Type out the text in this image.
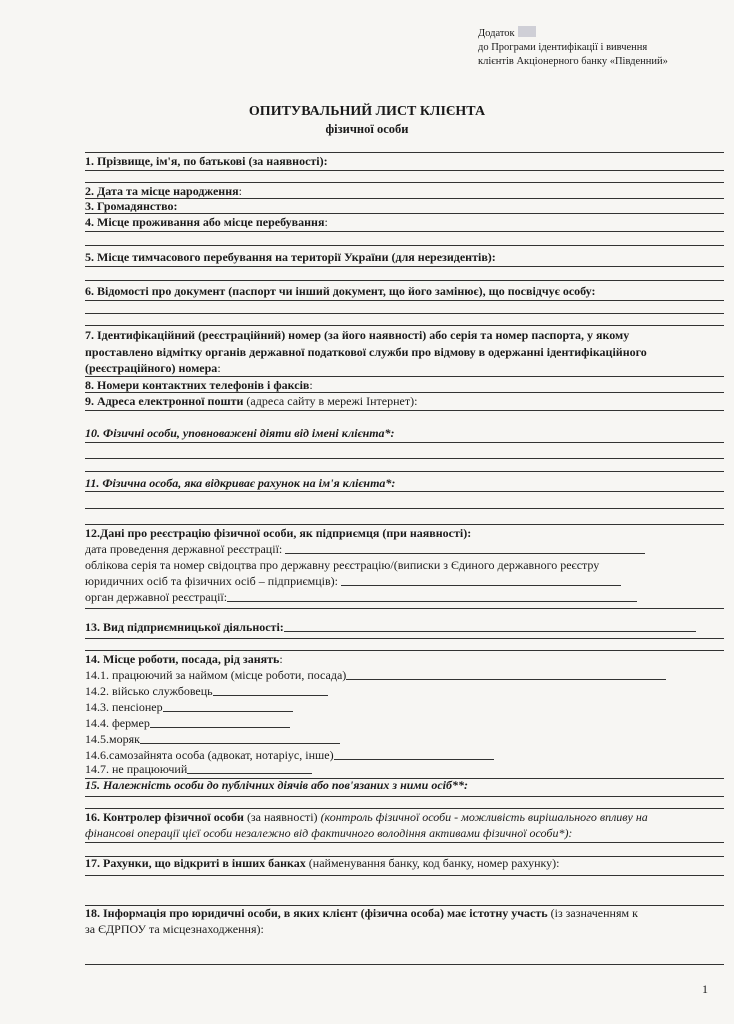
Додаток
до Програми ідентифікації і вивчення
клієнтів Акціонерного банку «Південний»
ОПИТУВАЛЬНИЙ ЛИСТ КЛІЄНТА
фізичної особи
1. Прізвище, ім'я, по батькові (за наявності):
2. Дата та місце народження:
3. Громадянство:
4. Місце проживання або місце перебування:
5. Місце тимчасового перебування на території України (для нерезидентів):
6. Відомості про документ (паспорт чи інший документ, що його замінює), що посвідчує особу:
7. Ідентифікаційний (реєстраційний) номер (за його наявності) або серія та номер паспорта, у якому
проставлено відмітку органів державної податкової служби про відмову в одержанні ідентифікаційного
(реєстраційного) номера:
8. Номери контактних телефонів і факсів:
9. Адреса електронної пошти (адреса сайту в мережі Інтернет):
10. Фізичні особи, уповноважені діяти від імені клієнта*:
11. Фізична особа, яка відкриває рахунок на ім'я клієнта*:
12.Дані про реєстрацію фізичної особи, як підприємця (при наявності):
дата проведення державної реєстрації:
облікова серія та номер свідоцтва про державну реєстрацію/(виписки з Єдиного державного реєстру
юридичних осіб та фізичних осіб – підприємців):
орган державної реєстрації:
13. Вид підприємницької діяльності:
14. Місце роботи, посада, рід занять:
14.1. працюючий за наймом (місце роботи, посада)
14.2. військо службовець
14.3. пенсіонер
14.4. фермер
14.5.моряк
14.6.самозайнята особа (адвокат, нотаріус, інше)
14.7. не працюючий
15. Належність особи до публічних діячів або пов'язаних з ними осіб**:
16. Контролер фізичної особи (за наявності) (контроль фізичної особи - можливість вирішального впливу на
фінансові операції цієї особи незалежно від фактичного володіння активами фізичної особи*):
17. Рахунки, що відкриті в інших банках (найменування банку, код банку, номер рахунку):
18. Інформація про юридичні особи, в яких клієнт (фізична особа) має істотну участь (із зазначенням к
за ЄДРПОУ та місцезнаходження):
1
